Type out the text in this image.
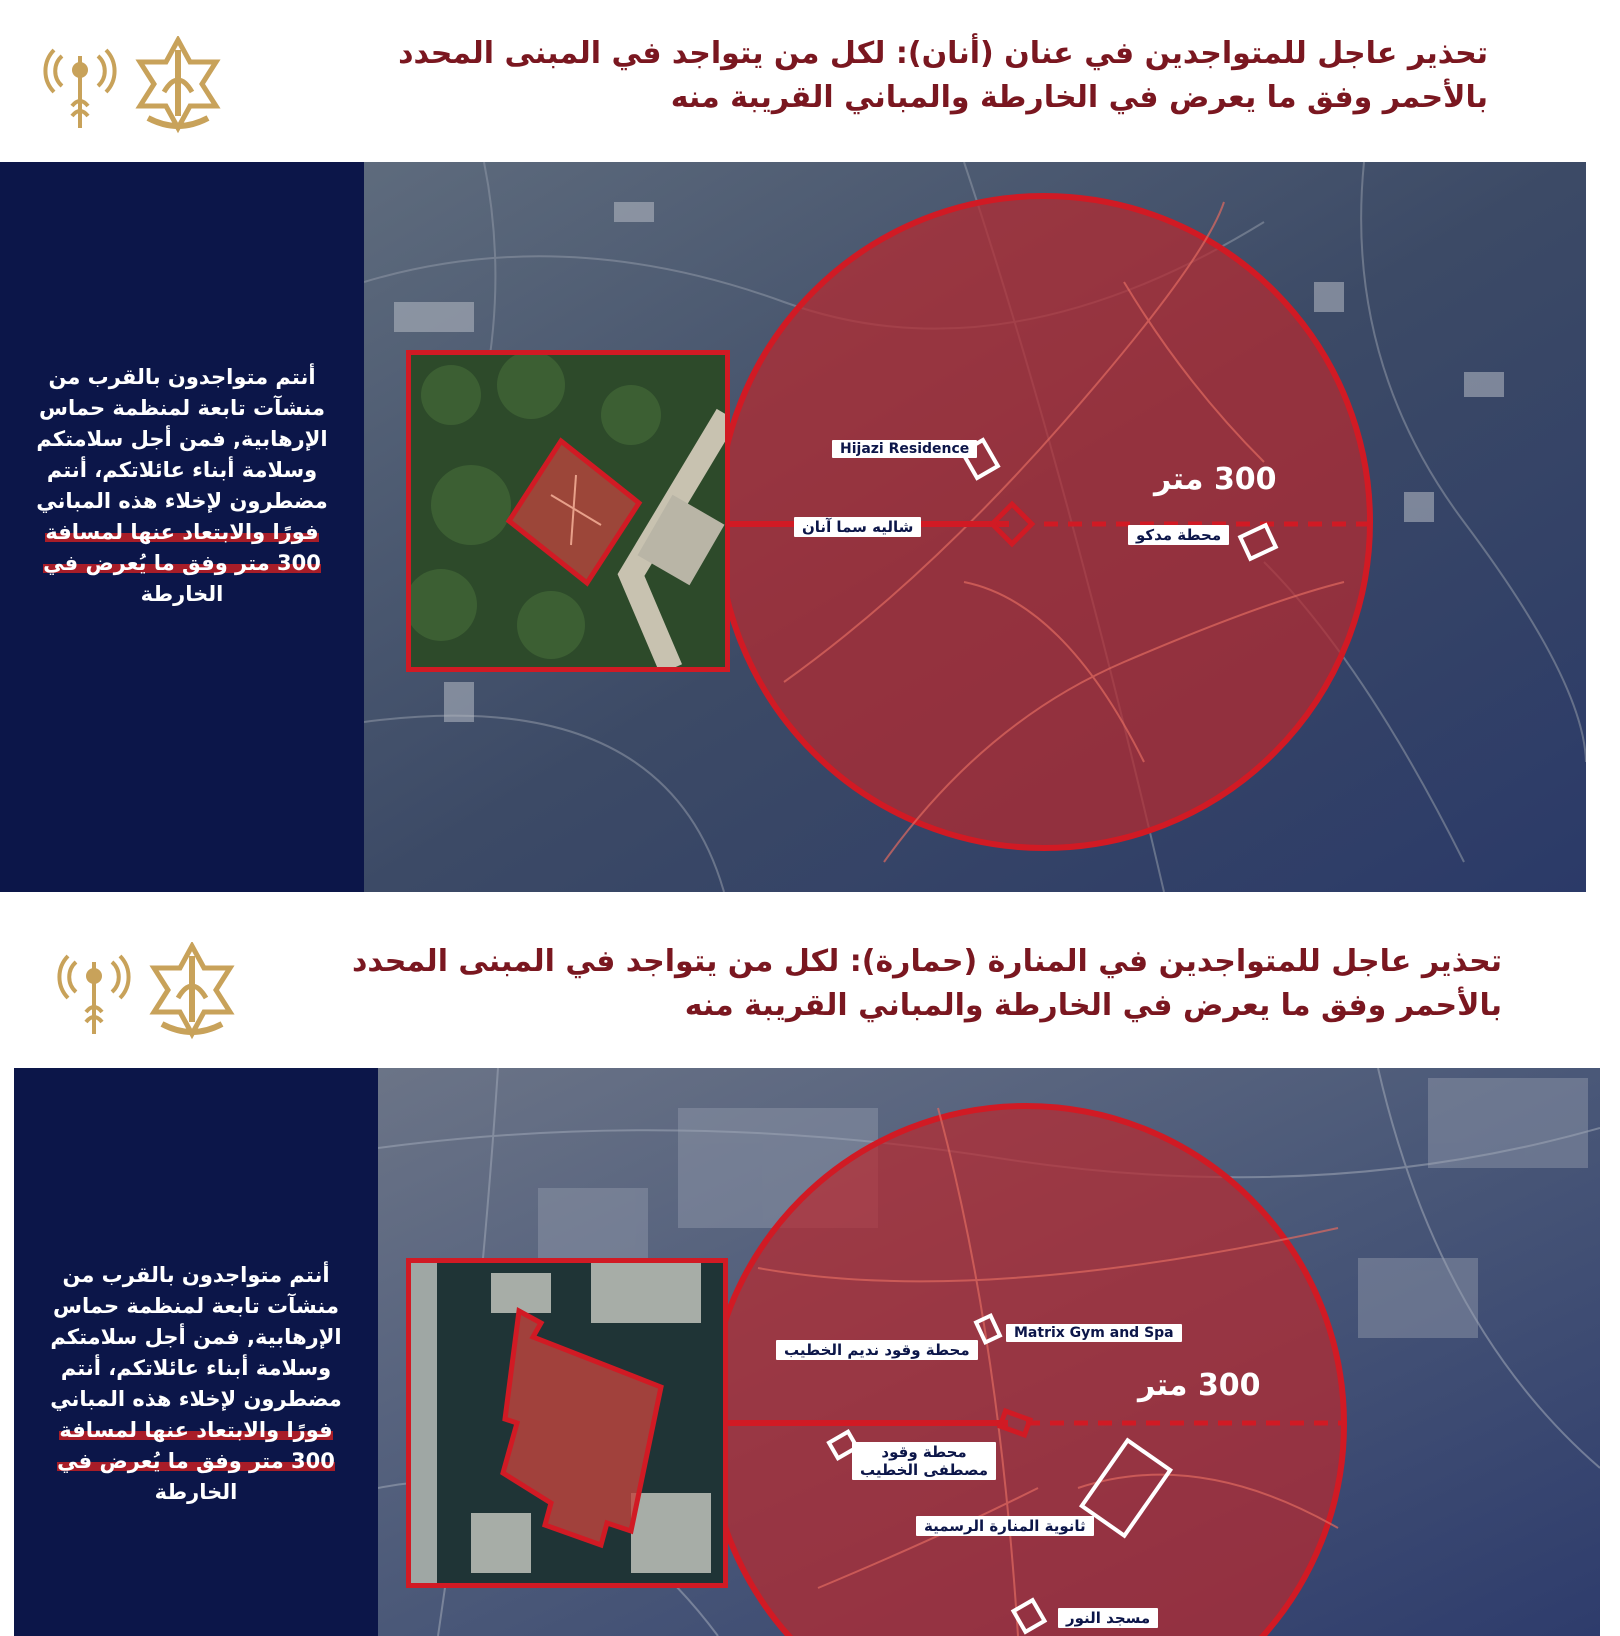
تحذير عاجل للمتواجدين في عنان (أنان): لكل من يتواجد في المبنى المحدد
بالأحمر وفق ما يعرض في الخارطة والمباني القريبة منه
أنتم متواجدون بالقرب من
منشآت تابعة لمنظمة حماس
الإرهابية, فمن أجل سلامتكم
وسلامة أبناء عائلاتكم، أنتم
مضطرون لإخلاء هذه المباني
فورًا والابتعاد عنها لمسافة
300 متر وفق ما يُعرض في
الخارطة
Hijazi Residence
شاليه سما آنان	محطة مدكو
300 متر
تحذير عاجل للمتواجدين في المنارة (حمارة): لكل من يتواجد في المبنى المحدد
بالأحمر وفق ما يعرض في الخارطة والمباني القريبة منه
أنتم متواجدون بالقرب من
منشآت تابعة لمنظمة حماس
الإرهابية, فمن أجل سلامتكم
وسلامة أبناء عائلاتكم، أنتم
مضطرون لإخلاء هذه المباني
فورًا والابتعاد عنها لمسافة
300 متر وفق ما يُعرض في
الخارطة
Matrix Gym and Spa
محطة وقود نديم الخطيب
محطة وقود
مصطفى الخطيب
ثانوية المنارة الرسمية
مسجد النور
300 متر
